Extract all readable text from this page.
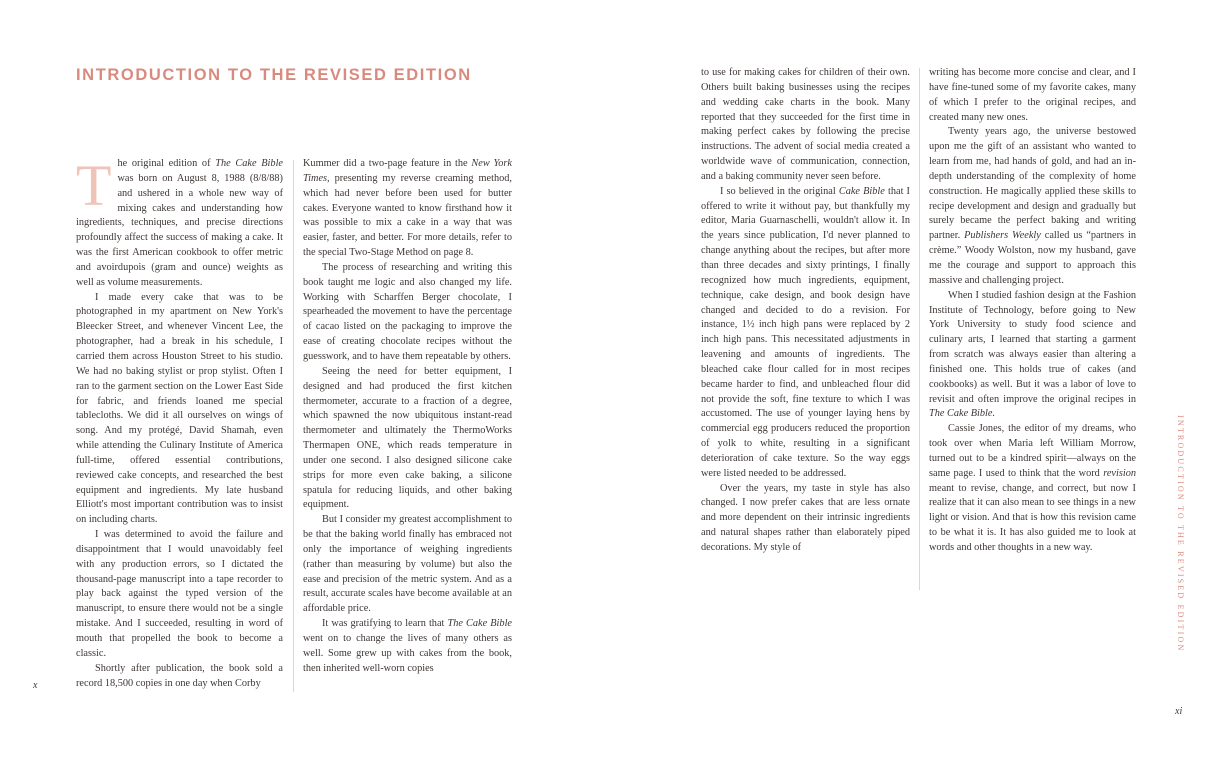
INTRODUCTION TO THE REVISED EDITION

The original edition of The Cake Bible was born on August 8, 1988 (8/8/88) and ushered in a whole new way of mixing cakes and understanding how ingredients, techniques, and precise directions profoundly affect the success of making a cake. It was the first American cookbook to offer metric and avoirdupois (gram and ounce) weights as well as volume measurements.

I made every cake that was to be photographed in my apartment on New York's Bleecker Street, and whenever Vincent Lee, the photographer, had a break in his schedule, I carried them across Houston Street to his studio. We had no baking stylist or prop stylist. Often I ran to the garment section on the Lower East Side for fabric, and friends loaned me special tablecloths. We did it all ourselves on wings of song. And my protégé, David Shamah, even while attending the Culinary Institute of America full-time, offered essential contributions, reviewed cake concepts, and researched the best equipment and ingredients. My late husband Elliott's most important contribution was to insist on including charts.

I was determined to avoid the failure and disappointment that I would unavoidably feel with any production errors, so I dictated the thousand-page manuscript into a tape recorder to play back against the typed version of the manuscript, to ensure there would not be a single mistake. And I succeeded, resulting in word of mouth that propelled the book to become a classic.

Shortly after publication, the book sold a record 18,500 copies in one day when Corby

Kummer did a two-page feature in the New York Times, presenting my reverse creaming method, which had never before been used for butter cakes. Everyone wanted to know firsthand how it was possible to mix a cake in a way that was easier, faster, and better. For more details, refer to the special Two-Stage Method on page 8.

The process of researching and writing this book taught me logic and also changed my life. Working with Scharffen Berger chocolate, I spearheaded the movement to have the percentage of cacao listed on the packaging to improve the ease of creating chocolate recipes without the guesswork, and to have them repeatable by others.

Seeing the need for better equipment, I designed and had produced the first kitchen thermometer, accurate to a fraction of a degree, which spawned the now ubiquitous instant-read thermometer and ultimately the ThermoWorks Thermapen ONE, which reads temperature in under one second. I also designed silicone cake strips for more even cake baking, a silicone spatula for reducing liquids, and other baking equipment.

But I consider my greatest accomplishment to be that the baking world finally has embraced not only the importance of weighing ingredients (rather than measuring by volume) but also the ease and precision of the metric system. And as a result, accurate scales have become available at an affordable price.

It was gratifying to learn that The Cake Bible went on to change the lives of many others as well. Some grew up with cakes from the book, then inherited well-worn copies

to use for making cakes for children of their own. Others built baking businesses using the recipes and wedding cake charts in the book. Many reported that they succeeded for the first time in making perfect cakes by following the precise instructions. The advent of social media created a worldwide wave of communication, connection, and a baking community never seen before.

I so believed in the original Cake Bible that I offered to write it without pay, but thankfully my editor, Maria Guarnaschelli, wouldn't allow it. In the years since publication, I'd never planned to change anything about the recipes, but after more than three decades and sixty printings, I finally recognized how much ingredients, equipment, technique, cake design, and book design have changed and decided to do a revision. For instance, 1½ inch high pans were replaced by 2 inch high pans. This necessitated adjustments in leavening and amounts of ingredients. The bleached cake flour called for in most recipes became harder to find, and unbleached flour did not provide the soft, fine texture to which I was accustomed. The use of younger laying hens by commercial egg producers reduced the proportion of yolk to white, resulting in a significant deterioration of cake texture. So the way eggs were listed needed to be addressed.

Over the years, my taste in style has also changed. I now prefer cakes that are less ornate and more dependent on their intrinsic ingredients and natural shapes rather than elaborately piped decorations. My style of

writing has become more concise and clear, and I have fine-tuned some of my favorite cakes, many of which I prefer to the original recipes, and created many new ones.

Twenty years ago, the universe bestowed upon me the gift of an assistant who wanted to learn from me, had hands of gold, and had an in-depth understanding of the complexity of home construction. He magically applied these skills to recipe development and design and gradually but surely became the perfect baking and writing partner. Publishers Weekly called us “partners in crème.” Woody Wolston, now my husband, gave me the courage and support to approach this massive and challenging project.

When I studied fashion design at the Fashion Institute of Technology, before going to New York University to study food science and culinary arts, I learned that starting a garment from scratch was always easier than altering a finished one. This holds true of cakes (and cookbooks) as well. But it was a labor of love to revisit and often improve the original recipes in The Cake Bible.

Cassie Jones, the editor of my dreams, who took over when Maria left William Morrow, turned out to be a kindred spirit—always on the same page. I used to think that the word revision meant to revise, change, and correct, but now I realize that it can also mean to see things in a new light or vision. And that is how this revision came to be what it is. It has also guided me to look at words and other thoughts in a new way.

x
xi
INTRODUCTION TO THE REVISED EDITION
